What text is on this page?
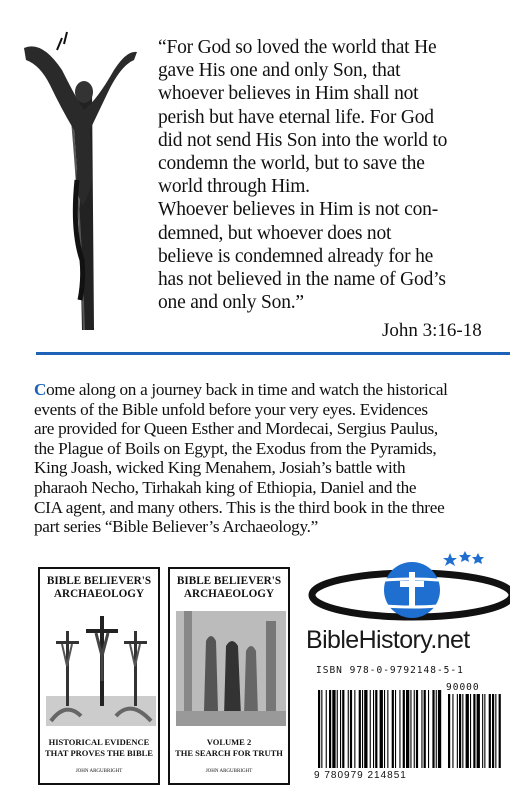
“For God so loved the world that He

gave His one and only Son, that

whoever believes in Him shall not

perish but have eternal life. For God

did not send His Son into the world to

condemn the world, but to save the

world through Him.

Whoever believes in Him is not con-

demned, but whoever does not

believe is condemned already for he

has not believed in the name of God’s

one and only Son.”

John 3:16-18
Come along on a journey back in time and watch the historical
events of the Bible unfold before your very eyes. Evidences
are provided for Queen Esther and Mordecai, Sergius Paulus,
the Plague of Boils on Egypt, the Exodus from the Pyramids,
King Joash, wicked King Menahem, Josiah’s battle with
pharaoh Necho, Tirhakah king of Ethiopia, Daniel and the
CIA agent, and many others. This is the third book in the three
part series “Bible Believer’s Archaeology.”
BIBLE BELIEVER'S
ARCHAEOLOGY
HISTORICAL EVIDENCE
THAT PROVES THE BIBLE
JOHN ARGUBRIGHT
BIBLE BELIEVER'S
ARCHAEOLOGY
VOLUME 2
THE SEARCH FOR TRUTH
JOHN ARGUBRIGHT
BibleHistory.net
ISBN 978-0-9792148-5-1
90000
9 780979 214851
